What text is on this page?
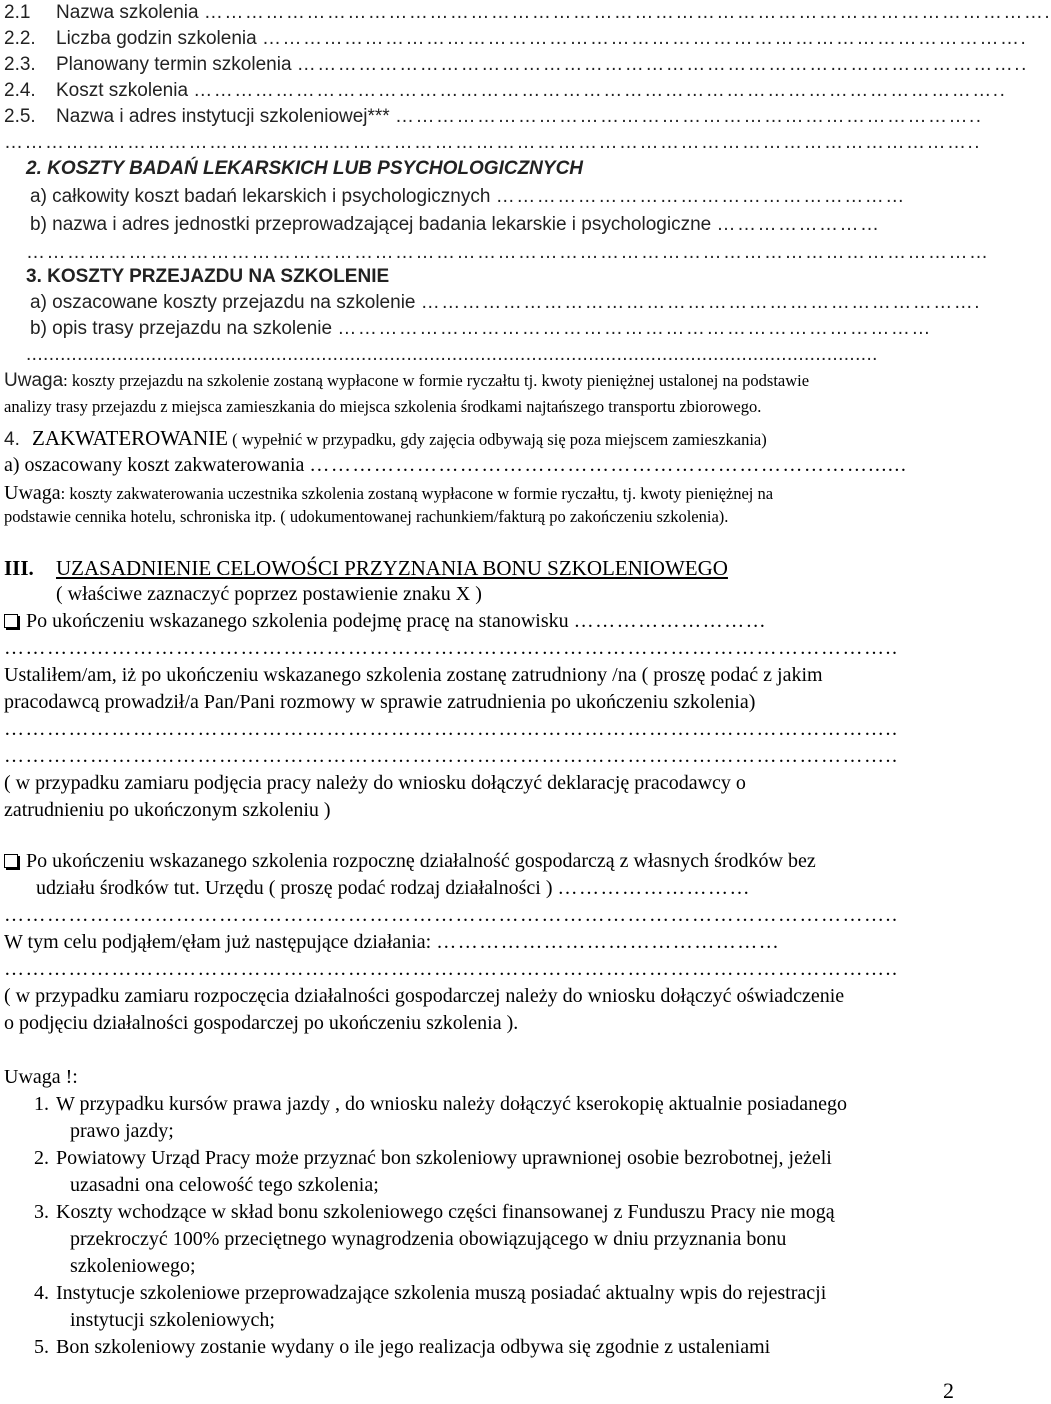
2.1 Nazwa szkolenia …………………………………………………………………………………………………………….
2.2. Liczba godzin szkolenia ………………………………………………………………………………………………….
2.3. Planowany termin szkolenia ……………………………………………………………………………………………..
2.4. Koszt szkolenia ………………………………………………………………………………………………………..
2.5. Nazwa i adres instytucji szkoleniowej*** …………………………………………………………………………..
……………………………………………………………………………………………………………………………..
2. KOSZTY BADAŃ LEKARSKICH LUB PSYCHOLOGICZNYCH
a) całkowity koszt badań lekarskich i psychologicznych ……………………………………………………
b) nazwa i adres jednostki przeprowadzającej badania lekarskie i psychologiczne ……………………
……………………………………………………………………………………………………………………………
3. KOSZTY PRZEJAZDU NA SZKOLENIE
a) oszacowane koszty przejazdu na szkolenie ……………………………………………………………………….
b) opis trasy przejazdu na szkolenie ……………………………………………………………………………
......................................................................................................................................................
Uwaga: koszty przejazdu na szkolenie zostaną wypłacone w formie ryczałtu tj. kwoty pieniężnej ustalonej na podstawie
analizy trasy przejazdu z miejsca zamieszkania do miejsca szkolenia środkami najtańszego transportu zbiorowego.
4. ZAKWATEROWANIE ( wypełnić w przypadku, gdy zajęcia odbywają się poza miejscem zamieszkania)
a) oszacowany koszt zakwaterowania ……………………………………………………………………......
Uwaga: koszty zakwaterowania uczestnika szkolenia zostaną wypłacone w formie ryczałtu, tj. kwoty pieniężnej na
podstawie cennika hotelu, schroniska itp. ( udokumentowanej rachunkiem/fakturą po zakończeniu szkolenia).
III. UZASADNIENIE CELOWOŚCI PRZYZNANIA BONU SZKOLENIOWEGO
( właściwe zaznaczyć poprzez postawienie znaku X )
Po ukończeniu wskazanego szkolenia podejmę pracę na stanowisku ………………………
……………………………………………………………………………………………………………..
Ustaliłem/am, iż po ukończeniu wskazanego szkolenia zostanę zatrudniony /na ( proszę podać z jakim
pracodawcą prowadził/a Pan/Pani rozmowy w sprawie zatrudnienia po ukończeniu szkolenia)
……………………………………………………………………………………………………………..
……………………………………………………………………………………………………………..
( w przypadku zamiaru podjęcia pracy należy do wniosku dołączyć deklarację pracodawcy o
zatrudnieniu po ukończonym szkoleniu )
Po ukończeniu wskazanego szkolenia rozpocznę działalność gospodarczą z własnych środków bez
udziału środków tut. Urzędu ( proszę podać rodzaj działalności ) ………………………
……………………………………………………………………………………………………………..
W tym celu podjąłem/ęłam już następujące działania: …………………………………………
……………………………………………………………………………………………………………..
( w przypadku zamiaru rozpoczęcia działalności gospodarczej należy do wniosku dołączyć oświadczenie
o podjęciu działalności gospodarczej po ukończeniu szkolenia ).
Uwaga !:
1. W przypadku kursów prawa jazdy , do wniosku należy dołączyć kserokopię aktualnie posiadanego
prawo jazdy;
2. Powiatowy Urząd Pracy może przyznać bon szkoleniowy uprawnionej osobie bezrobotnej, jeżeli
uzasadni ona celowość tego szkolenia;
3. Koszty wchodzące w skład bonu szkoleniowego części finansowanej z Funduszu Pracy nie mogą
przekroczyć 100% przeciętnego wynagrodzenia obowiązującego w dniu przyznania bonu
szkoleniowego;
4. Instytucje szkoleniowe przeprowadzające szkolenia muszą posiadać aktualny wpis do rejestracji
instytucji szkoleniowych;
5. Bon szkoleniowy zostanie wydany o ile jego realizacja odbywa się zgodnie z ustaleniami
2
